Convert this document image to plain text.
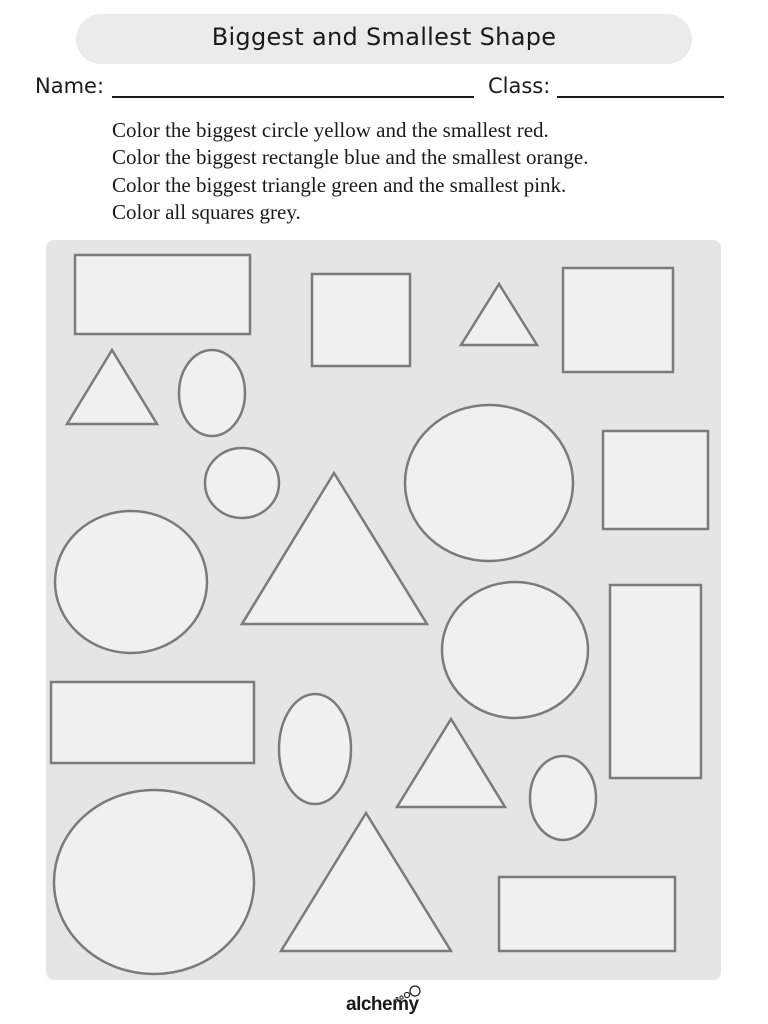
Biggest and Smallest Shape
Name:	Class:
Color the biggest circle yellow and the smallest red.
Color the biggest rectangle blue and the smallest orange.
Color the biggest triangle green and the smallest pink.
Color all squares grey.
alchemy
